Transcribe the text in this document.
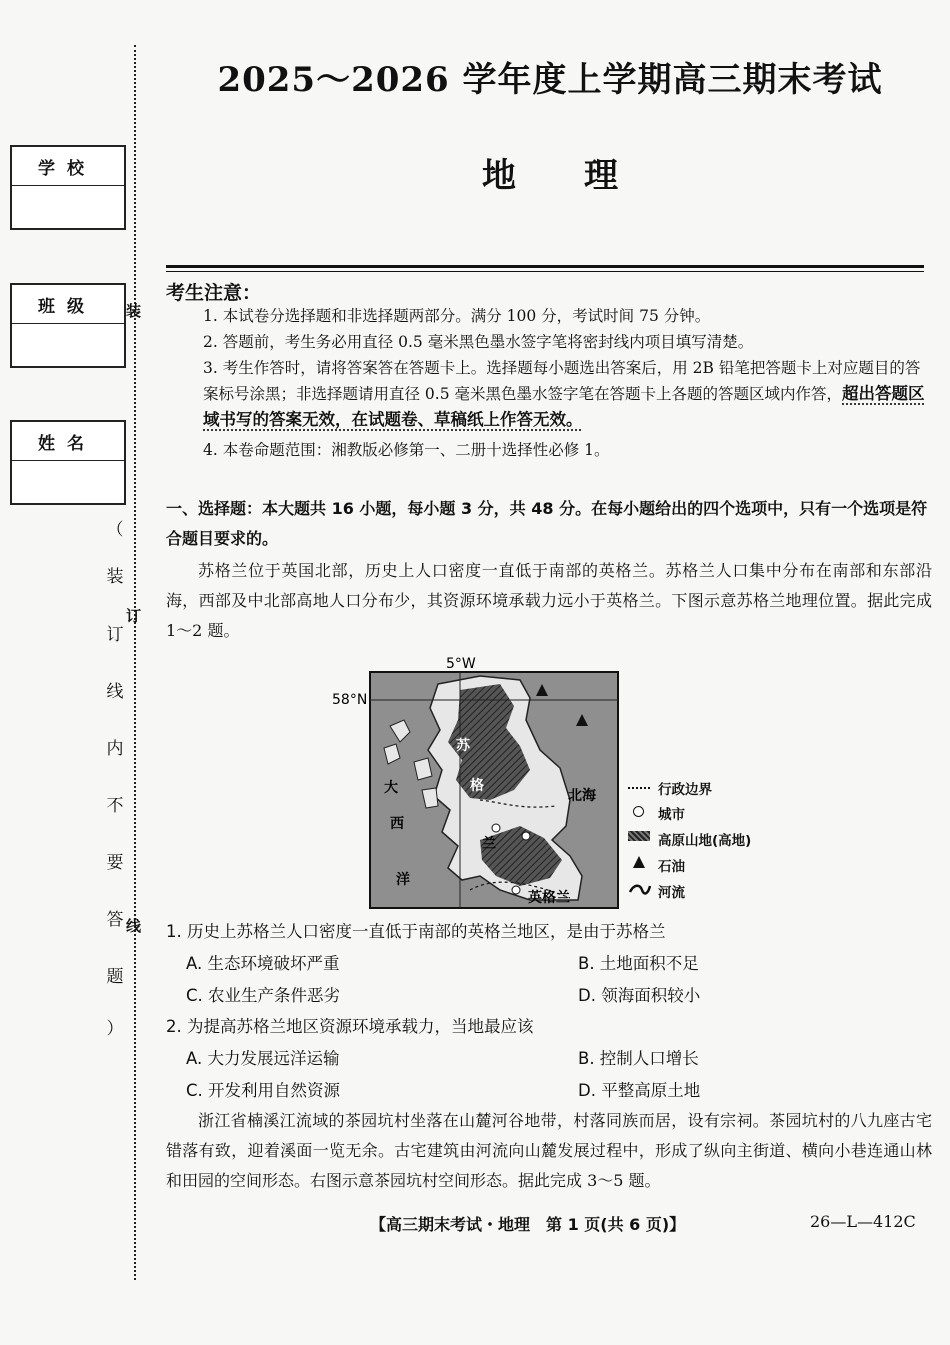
学校
班级
姓名
（
装
订
线
内
不
要
答
题
）
装
订
线
2025～2026 学年度上学期高三期末考试
地　　理
考生注意：
1. 本试卷分选择题和非选择题两部分。满分 100 分，考试时间 75 分钟。
2. 答题前，考生务必用直径 0.5 毫米黑色墨水签字笔将密封线内项目填写清楚。
3. 考生作答时，请将答案答在答题卡上。选择题每小题选出答案后，用 2B 铅笔把答题卡上对应题目的答案标号涂黑；非选择题请用直径 0.5 毫米黑色墨水签字笔在答题卡上各题的答题区域内作答，超出答题区域书写的答案无效，在试题卷、草稿纸上作答无效。
4. 本卷命题范围：湘教版必修第一、二册十选择性必修 1。
一、选择题：本大题共 16 小题，每小题 3 分，共 48 分。在每小题给出的四个选项中，只有一个选项是符合题目要求的。
苏格兰位于英国北部，历史上人口密度一直低于南部的英格兰。苏格兰人口集中分布在南部和东部沿海，西部及中北部高地人口分布少，其资源环境承载力远小于英格兰。下图示意苏格兰地理位置。据此完成 1～2 题。
5°W
58°N
苏
格
兰
大
西
洋
北海
英格兰
行政边界
城市
高原山地(高地)
石油
河流
1. 历史上苏格兰人口密度一直低于南部的英格兰地区，是由于苏格兰
A. 生态环境破坏严重	B. 土地面积不足
C. 农业生产条件恶劣	D. 领海面积较小
2. 为提高苏格兰地区资源环境承载力，当地最应该
A. 大力发展远洋运输	B. 控制人口增长
C. 开发利用自然资源	D. 平整高原土地
浙江省楠溪江流域的茶园坑村坐落在山麓河谷地带，村落同族而居，设有宗祠。茶园坑村的八九座古宅错落有致，迎着溪面一览无余。古宅建筑由河流向山麓发展过程中，形成了纵向主街道、横向小巷连通山林和田园的空间形态。右图示意茶园坑村空间形态。据此完成 3～5 题。
【高三期末考试・地理　第 1 页(共 6 页)】	26—L—412C
